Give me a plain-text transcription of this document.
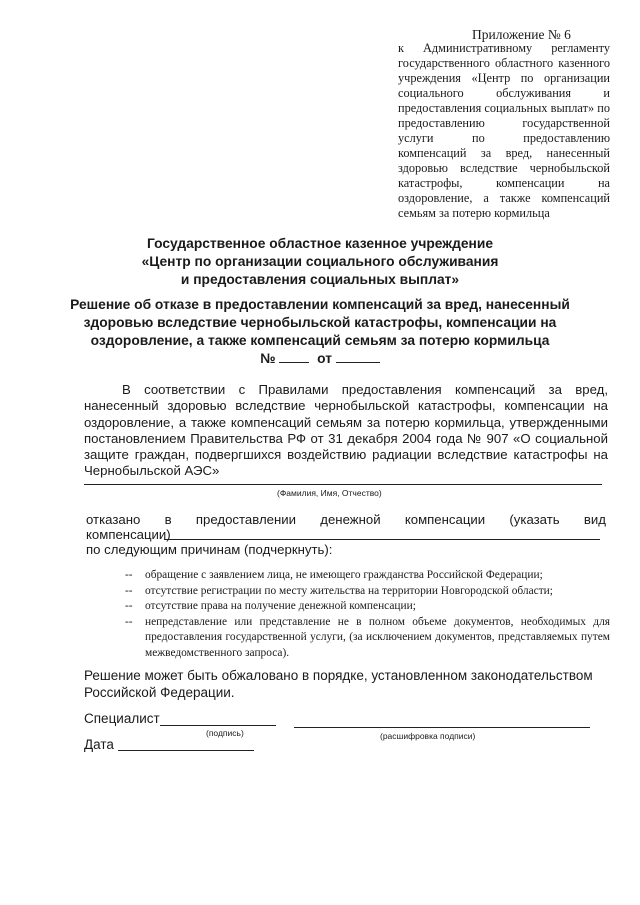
Приложение № 6
к Административному регламенту государственного областного казенного учреждения «Центр по организации социального обслуживания и предоставления социальных выплат» по предоставлению государственной услуги по предоставлению компенсаций за вред, нанесенный здоровью вследствие чернобыльской катастрофы, компенсации на оздоровление, а также компенсаций семьям за потерю кормильца
Государственное областное казенное учреждение
«Центр по организации социального обслуживания
и предоставления социальных выплат»
Решение об отказе в предоставлении компенсаций за вред, нанесенный
здоровью вследствие чернобыльской катастрофы, компенсации на
оздоровление, а также компенсаций семьям за потерю кормильца
№	от
В соответствии с Правилами предоставления компенсаций за вред, нанесенный здоровью вследствие чернобыльской катастрофы, компенсации на оздоровление, а также компенсаций семьям за потерю кормильца, утвержденными постановлением Правительства РФ от 31 декабря 2004 года № 907 «О социальной защите граждан, подвергшихся воздействию радиации вследствие катастрофы на Чернобыльской АЭС»
(Фамилия, Имя, Отчество)
отказано в предоставлении денежной компенсации (указать вид
компенсации)
по следующим причинам (подчеркнуть):
-- обращение с заявлением лица, не имеющего гражданства Российской Федерации;
-- отсутствие регистрации по месту жительства на территории Новгородской области;
-- отсутствие права на получение денежной компенсации;
-- непредставление или представление не в полном объеме документов, необходимых для предоставления государственной услуги, (за исключением документов, представляемых путем межведомственного запроса).
Решение может быть обжаловано в порядке, установленном законодательством Российской Федерации.
Специалист
(подпись)	(расшифровка подписи)
Дата
